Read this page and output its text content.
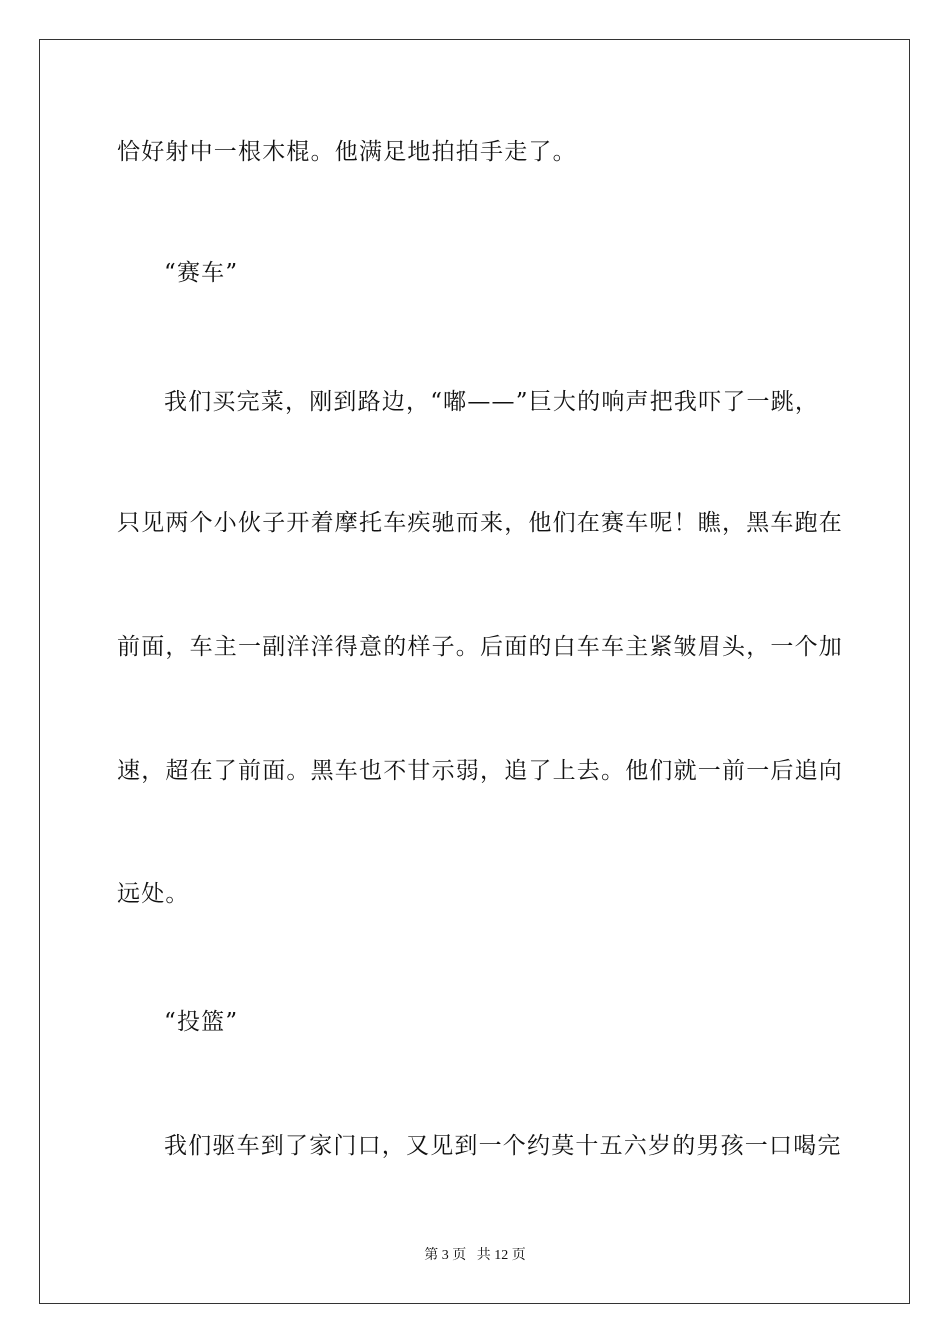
恰好射中一根木棍。他满足地拍拍手走了。
“赛车”
我们买完菜，刚到路边，“嘟——”巨大的响声把我吓了一跳，
只见两个小伙子开着摩托车疾驰而来，他们在赛车呢！瞧，黑车跑在
前面，车主一副洋洋得意的样子。后面的白车车主紧皱眉头，一个加
速，超在了前面。黑车也不甘示弱，追了上去。他们就一前一后追向
远处。
“投篮”
我们驱车到了家门口，又见到一个约莫十五六岁的男孩一口喝完
第 3 页 共 12 页
